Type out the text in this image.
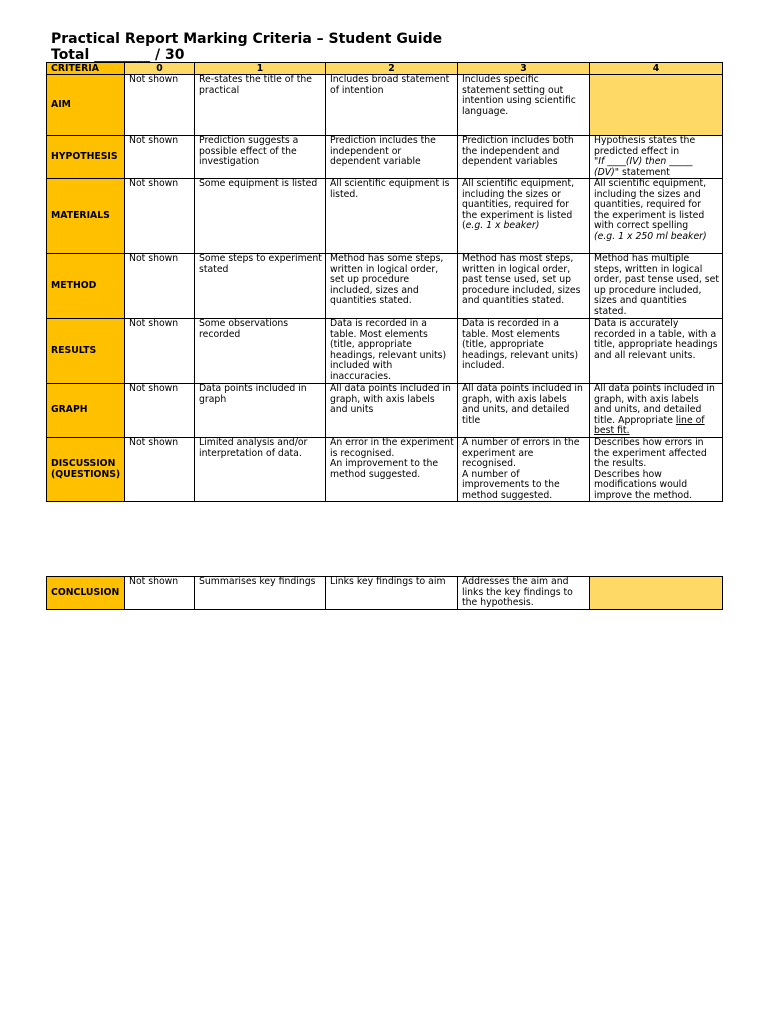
Practical Report Marking Criteria – Student Guide
Total ________ / 30
CRITERIA	0	1	2	3	4
AIM	Not shown	Re-states the title of the practical	Includes broad statement of intention	Includes specific statement setting out intention using scientific language.	
HYPOTHESIS	Not shown	Prediction suggests a possible effect of the investigation	Prediction includes the independent or dependent variable	Prediction includes both the independent and dependent variables	Hypothesis states the predicted effect in
"If ____(IV) then _____ (DV)" statement

MATERIALS	Not shown	Some equipment is listed	All scientific equipment is listed.	All scientific equipment, including the sizes or quantities, required for the experiment is listed (e.g. 1 x beaker)	All scientific equipment, including the sizes and quantities, required for the experiment is listed with correct spelling
(e.g. 1 x 250 ml beaker)

METHOD	Not shown	Some steps to experiment stated	Method has some steps, written in logical order, set up procedure included, sizes and quantities stated.	Method has most steps, written in logical order, past tense used, set up procedure included, sizes and quantities stated.	Method has multiple steps, written in logical order, past tense used, set up procedure included, sizes and quantities stated.
RESULTS	Not shown	Some observations recorded	Data is recorded in a table. Most elements (title, appropriate headings, relevant units) included with inaccuracies.	Data is recorded in a table. Most elements (title, appropriate headings, relevant units) included.	Data is accurately recorded in a table, with a title, appropriate headings and all relevant units.
GRAPH	Not shown	Data points included in graph	All data points included in graph, with axis labels and units	All data points included in graph, with axis labels and units, and detailed title	All data points included in graph, with axis labels and units, and detailed title. Appropriate line of best fit.
DISCUSSION (QUESTIONS)	Not shown	Limited analysis and/or interpretation of data.	An error in the experiment is recognised.
An improvement to the method suggested.	A number of errors in the experiment are recognised.
A number of improvements to the method suggested.	Describes how errors in the experiment affected the results.
Describes how modifications would improve the method.
CONCLUSION	Not shown	Summarises key findings	Links key findings to aim	Addresses the aim and links the key findings to the hypothesis.	
